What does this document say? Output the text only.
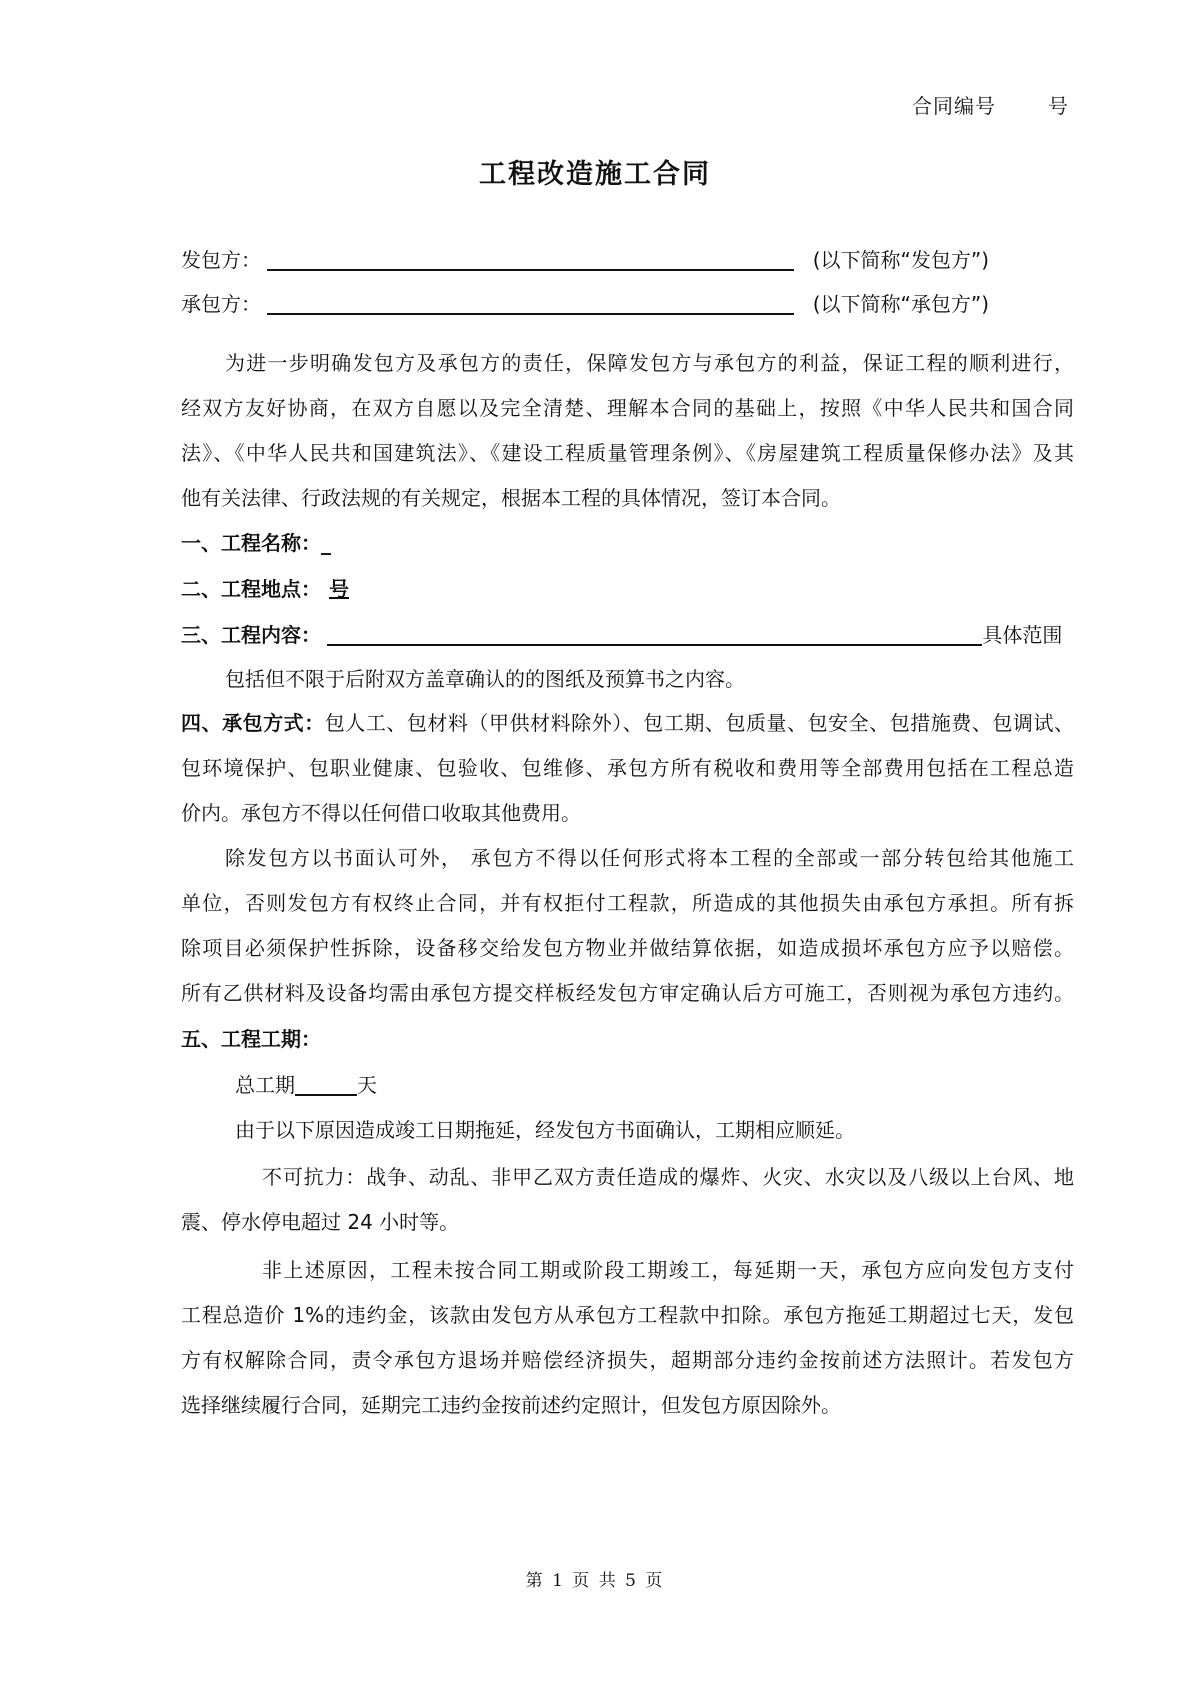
合同编号	号
工程改造施工合同
发包方：	(以下简称“发包方”)
承包方：	(以下简称“承包方”)
为进一步明确发包方及承包方的责任，保障发包方与承包方的利益，保证工程的顺利进行，
经双方友好协商，在双方自愿以及完全清楚、理解本合同的基础上，按照《中华人民共和国合同
法》、《中华人民共和国建筑法》、《建设工程质量管理条例》、《房屋建筑工程质量保修办法》及其
他有关法律、行政法规的有关规定，根据本工程的具体情况，签订本合同。
一、工程名称：_
二、工程地点： 号
三、工程内容：	具体范围
包括但不限于后附双方盖章确认的的图纸及预算书之内容。
四、承包方式：包人工、包材料（甲供材料除外）、包工期、包质量、包安全、包措施费、包调试、
包环境保护、包职业健康、包验收、包维修、承包方所有税收和费用等全部费用包括在工程总造
价内。承包方不得以任何借口收取其他费用。
除发包方以书面认可外， 承包方不得以任何形式将本工程的全部或一部分转包给其他施工
单位，否则发包方有权终止合同，并有权拒付工程款，所造成的其他损失由承包方承担。所有拆
除项目必须保护性拆除，设备移交给发包方物业并做结算依据，如造成损坏承包方应予以赔偿。
所有乙供材料及设备均需由承包方提交样板经发包方审定确认后方可施工，否则视为承包方违约。
五、工程工期：
总工期	天
由于以下原因造成竣工日期拖延，经发包方书面确认，工期相应顺延。
不可抗力：战争、动乱、非甲乙双方责任造成的爆炸、火灾、水灾以及八级以上台风、地
震、停水停电超过 24 小时等。
非上述原因，工程未按合同工期或阶段工期竣工，每延期一天，承包方应向发包方支付
工程总造价 1%的违约金，该款由发包方从承包方工程款中扣除。承包方拖延工期超过七天，发包
方有权解除合同，责令承包方退场并赔偿经济损失，超期部分违约金按前述方法照计。若发包方
选择继续履行合同，延期完工违约金按前述约定照计，但发包方原因除外。
第 1 页 共 5 页
